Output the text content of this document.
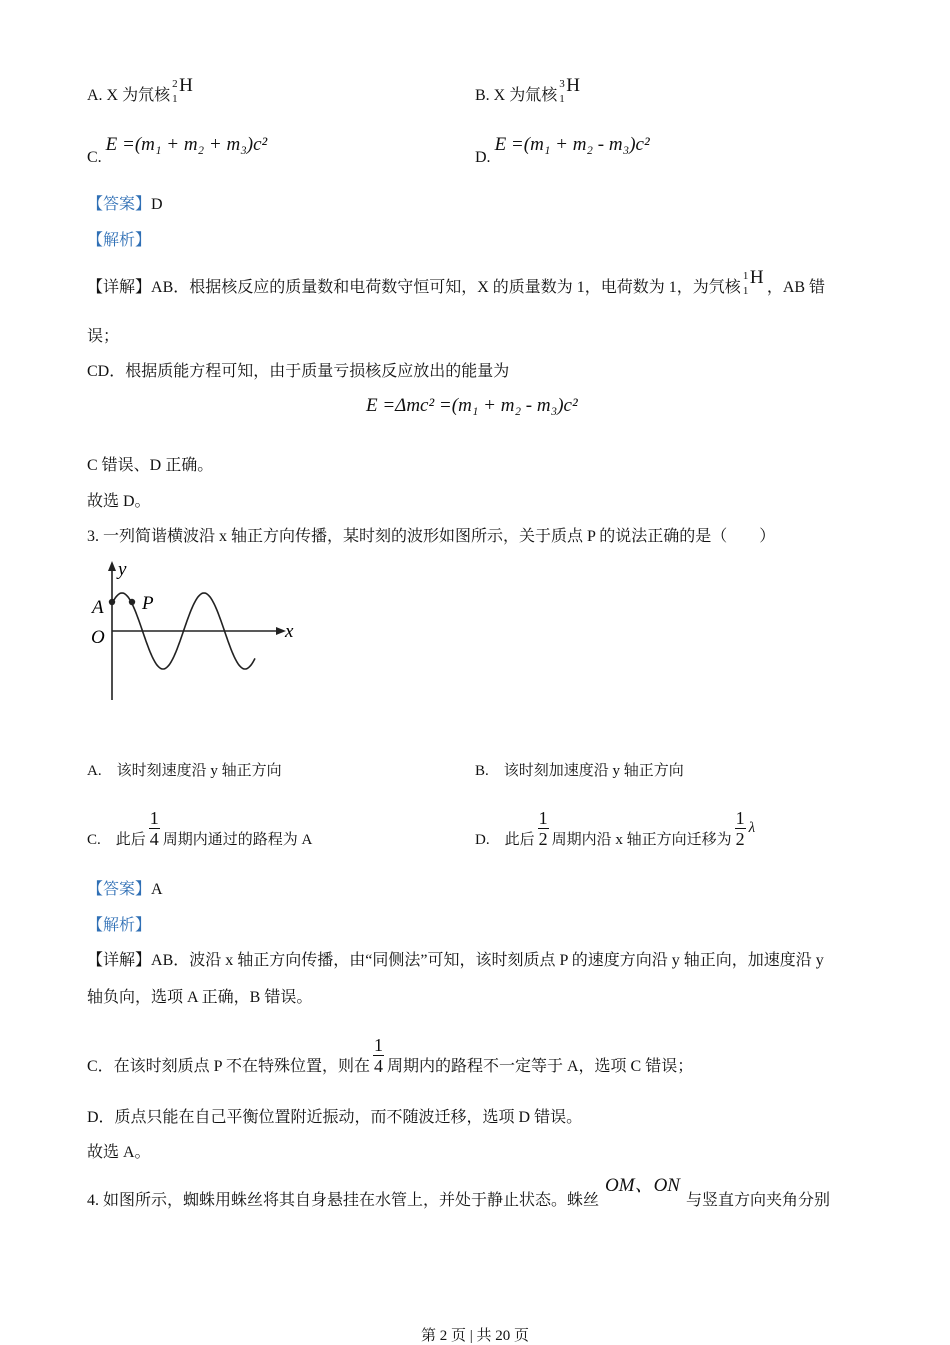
A. X 为氘核
2
1
H	B. X 为氚核
3
1
H
C. E =(m₁ + m₂ + m₃)c²
D. E =(m₁ + m₂ - m₃)c²
【答案】D
【解析】
【详解】AB．根据核反应的质量数和电荷数守恒可知，X 的质量数为 1，电荷数为 1，为氕核
1
1
H ，AB 错
误；
CD．根据质能方程可知，由于质量亏损核反应放出的能量为
E =Δmc² =(m₁ + m₂ - m₃)c²
C 错误、D 正确。
故选 D。
3. 一列简谐横波沿 x 轴正方向传播，某时刻的波形如图所示，关于质点 P 的说法正确的是（　　）
y
x
O
A P
A.　该时刻速度沿 y 轴正方向	B.　该时刻加速度沿 y 轴正方向
C.　此后 $\frac{1}{4}$ 周期内通过的路程为 A	D.　此后 $\frac{1}{2}$ 周期内沿 x 轴正方向迁移为 $\frac{1}{2}$ λ
【答案】A
【解析】
【详解】AB．波沿 x 轴正方向传播，由“同侧法”可知，该时刻质点 P 的速度方向沿 y 轴正向，加速度沿 y
轴负向，选项 A 正确，B 错误。
C．在该时刻质点 P 不在特殊位置，则在 $\frac{1}{4}$ 周期内的路程不一定等于 A，选项 C 错误；
D．质点只能在自己平衡位置附近振动，而不随波迁移，选项 D 错误。
故选 A。
4. 如图所示，蜘蛛用蛛丝将其自身悬挂在水管上，并处于静止状态。蛛丝OM、ON与竖直方向夹角分别
第 2 页 | 共 20 页
